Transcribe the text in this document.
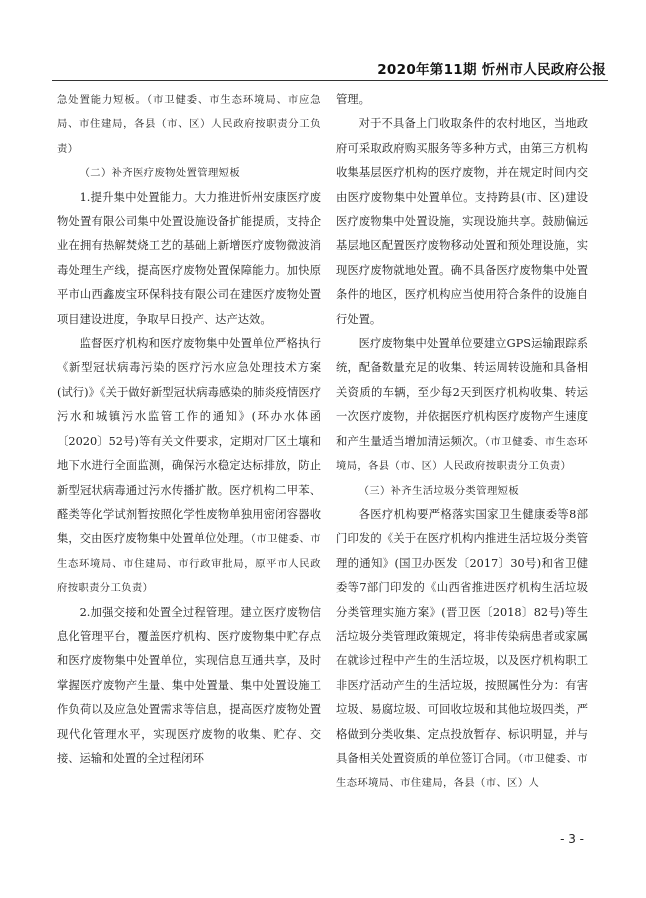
2020年第11期 忻州市人民政府公报

急处置能力短板。（市卫健委、市生态环境局、市应急局、市住建局，各县（市、区）人民政府按职责分工负责）

（二）补齐医疗废物处置管理短板

1.提升集中处置能力。大力推进忻州安康医疗废物处置有限公司集中处置设施设备扩能提质，支持企业在拥有热解焚烧工艺的基础上新增医疗废物微波消毒处理生产线，提高医疗废物处置保障能力。加快原平市山西鑫废宝环保科技有限公司在建医疗废物处置项目建设进度，争取早日投产、达产达效。

监督医疗机构和医疗废物集中处置单位严格执行《新型冠状病毒污染的医疗污水应急处理技术方案(试行)》《关于做好新型冠状病毒感染的肺炎疫情医疗污水和城镇污水监管工作的通知》(环办水体函〔2020〕52号)等有关文件要求，定期对厂区土壤和地下水进行全面监测，确保污水稳定达标排放，防止新型冠状病毒通过污水传播扩散。医疗机构二甲苯、醛类等化学试剂暂按照化学性废物单独用密闭容器收集，交由医疗废物集中处置单位处理。（市卫健委、市生态环境局、市住建局、市行政审批局，原平市人民政府按职责分工负责）

2.加强交接和处置全过程管理。建立医疗废物信息化管理平台，覆盖医疗机构、医疗废物集中贮存点和医疗废物集中处置单位，实现信息互通共享，及时掌握医疗废物产生量、集中处置量、集中处置设施工作负荷以及应急处置需求等信息，提高医疗废物处置现代化管理水平，实现医疗废物的收集、贮存、交接、运输和处置的全过程闭环

管理。

对于不具备上门收取条件的农村地区，当地政府可采取政府购买服务等多种方式，由第三方机构收集基层医疗机构的医疗废物，并在规定时间内交由医疗废物集中处置单位。支持跨县(市、区)建设医疗废物集中处置设施，实现设施共享。鼓励偏远基层地区配置医疗废物移动处置和预处理设施，实现医疗废物就地处置。确不具备医疗废物集中处置条件的地区，医疗机构应当使用符合条件的设施自行处置。

医疗废物集中处置单位要建立GPS运输跟踪系统，配备数量充足的收集、转运周转设施和具备相关资质的车辆，至少每2天到医疗机构收集、转运一次医疗废物，并依据医疗机构医疗废物产生速度和产生量适当增加清运频次。（市卫健委、市生态环境局，各县（市、区）人民政府按职责分工负责）

（三）补齐生活垃圾分类管理短板

各医疗机构要严格落实国家卫生健康委等8部门印发的《关于在医疗机构内推进生活垃圾分类管理的通知》(国卫办医发〔2017〕30号)和省卫健委等7部门印发的《山西省推进医疗机构生活垃圾分类管理实施方案》(晋卫医〔2018〕82号)等生活垃圾分类管理政策规定，将非传染病患者或家属在就诊过程中产生的生活垃圾，以及医疗机构职工非医疗活动产生的生活垃圾，按照属性分为：有害垃圾、易腐垃圾、可回收垃圾和其他垃圾四类，严格做到分类收集、定点投放暂存、标识明显，并与具备相关处置资质的单位签订合同。（市卫健委、市生态环境局、市住建局，各县（市、区）人

- 3 -
